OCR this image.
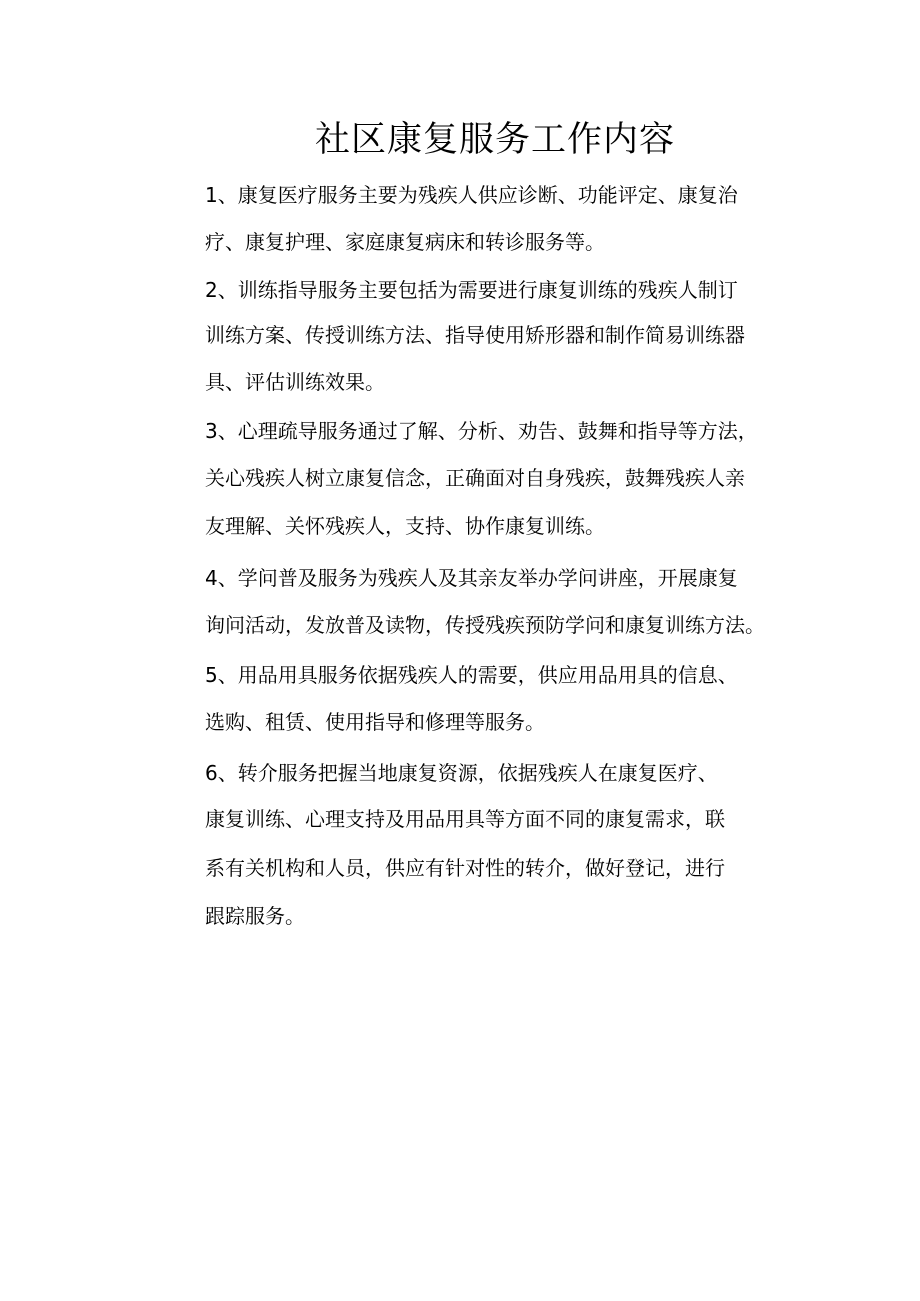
社区康复服务工作内容
1、康复医疗服务主要为残疾人供应诊断、功能评定、康复治
疗、康复护理、家庭康复病床和转诊服务等。
2、训练指导服务主要包括为需要进行康复训练的残疾人制订
训练方案、传授训练方法、指导使用矫形器和制作简易训练器
具、评估训练效果。
3、心理疏导服务通过了解、分析、劝告、鼓舞和指导等方法，
关心残疾人树立康复信念，正确面对自身残疾，鼓舞残疾人亲
友理解、关怀残疾人，支持、协作康复训练。
4、学问普及服务为残疾人及其亲友举办学问讲座，开展康复
询问活动，发放普及读物，传授残疾预防学问和康复训练方法。
5、用品用具服务依据残疾人的需要，供应用品用具的信息、
选购、租赁、使用指导和修理等服务。
6、转介服务把握当地康复资源，依据残疾人在康复医疗、
康复训练、心理支持及用品用具等方面不同的康复需求，联
系有关机构和人员，供应有针对性的转介，做好登记，进行
跟踪服务。
